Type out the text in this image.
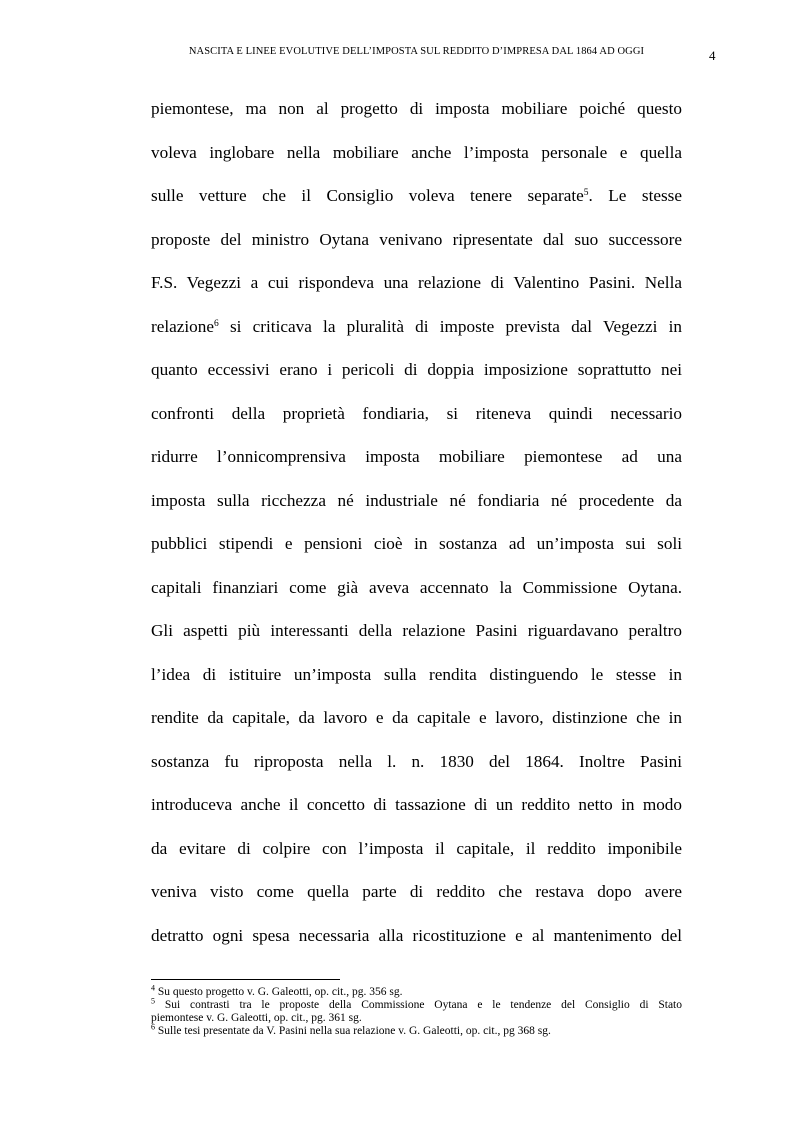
NASCITA E LINEE EVOLUTIVE DELL’IMPOSTA SUL REDDITO D’IMPRESA DAL 1864 AD OGGI	4
piemontese, ma non al progetto di imposta mobiliare poiché questo
voleva inglobare nella mobiliare anche l’imposta personale e quella
sulle vetture che il Consiglio voleva tenere separate$^5$. Le stesse
proposte del ministro Oytana venivano ripresentate dal suo successore
F.S. Vegezzi a cui rispondeva una relazione di Valentino Pasini. Nella
relazione$^6$ si criticava la pluralità di imposte prevista dal Vegezzi in
quanto eccessivi erano i pericoli di doppia imposizione soprattutto nei
confronti della proprietà fondiaria, si riteneva quindi necessario
ridurre l’onnicomprensiva imposta mobiliare piemontese ad una
imposta sulla ricchezza né industriale né fondiaria né procedente da
pubblici stipendi e pensioni cioè in sostanza ad un’imposta sui soli
capitali finanziari come già aveva accennato la Commissione Oytana.
Gli aspetti più interessanti della relazione Pasini riguardavano peraltro
l’idea di istituire un’imposta sulla rendita distinguendo le stesse in
rendite da capitale, da lavoro e da capitale e lavoro, distinzione che in
sostanza fu riproposta nella l. n. 1830 del 1864. Inoltre Pasini
introduceva anche il concetto di tassazione di un reddito netto in modo
da evitare di colpire con l’imposta il capitale, il reddito imponibile
veniva visto come quella parte di reddito che restava dopo avere
detratto ogni spesa necessaria alla ricostituzione e al mantenimento del
$^4$ Su questo progetto v. G. Galeotti, op. cit., pg. 356 sg.
$^5$ Sui contrasti tra le proposte della Commissione Oytana e le tendenze del Consiglio di Stato
piemontese v. G. Galeotti, op. cit., pg. 361 sg.
$^6$ Sulle tesi presentate da V. Pasini nella sua relazione v. G. Galeotti, op. cit., pg 368 sg.
